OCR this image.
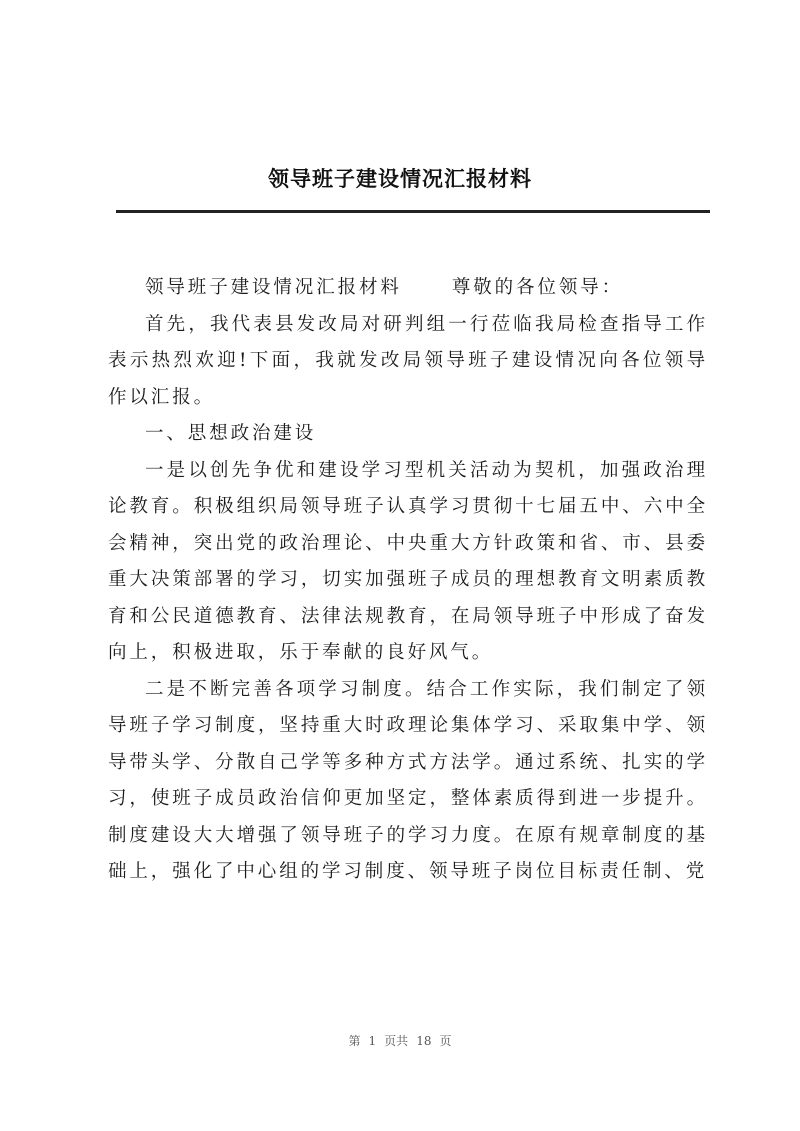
领导班子建设情况汇报材料

领导班子建设情况汇报材料	尊敬的各位领导：

首先，我代表县发改局对研判组一行莅临我局检查指导工作表示热烈欢迎!下面，我就发改局领导班子建设情况向各位领导作以汇报。

一、思想政治建设

一是以创先争优和建设学习型机关活动为契机，加强政治理论教育。积极组织局领导班子认真学习贯彻十七届五中、六中全会精神，突出党的政治理论、中央重大方针政策和省、市、县委重大决策部署的学习，切实加强班子成员的理想教育文明素质教育和公民道德教育、法律法规教育，在局领导班子中形成了奋发向上，积极进取，乐于奉献的良好风气。

二是不断完善各项学习制度。结合工作实际，我们制定了领导班子学习制度，坚持重大时政理论集体学习、采取集中学、领导带头学、分散自己学等多种方式方法学。通过系统、扎实的学习，使班子成员政治信仰更加坚定，整体素质得到进一步提升。制度建设大大增强了领导班子的学习力度。在原有规章制度的基础上，强化了中心组的学习制度、领导班子岗位目标责任制、党

第 1 页共 18 页
